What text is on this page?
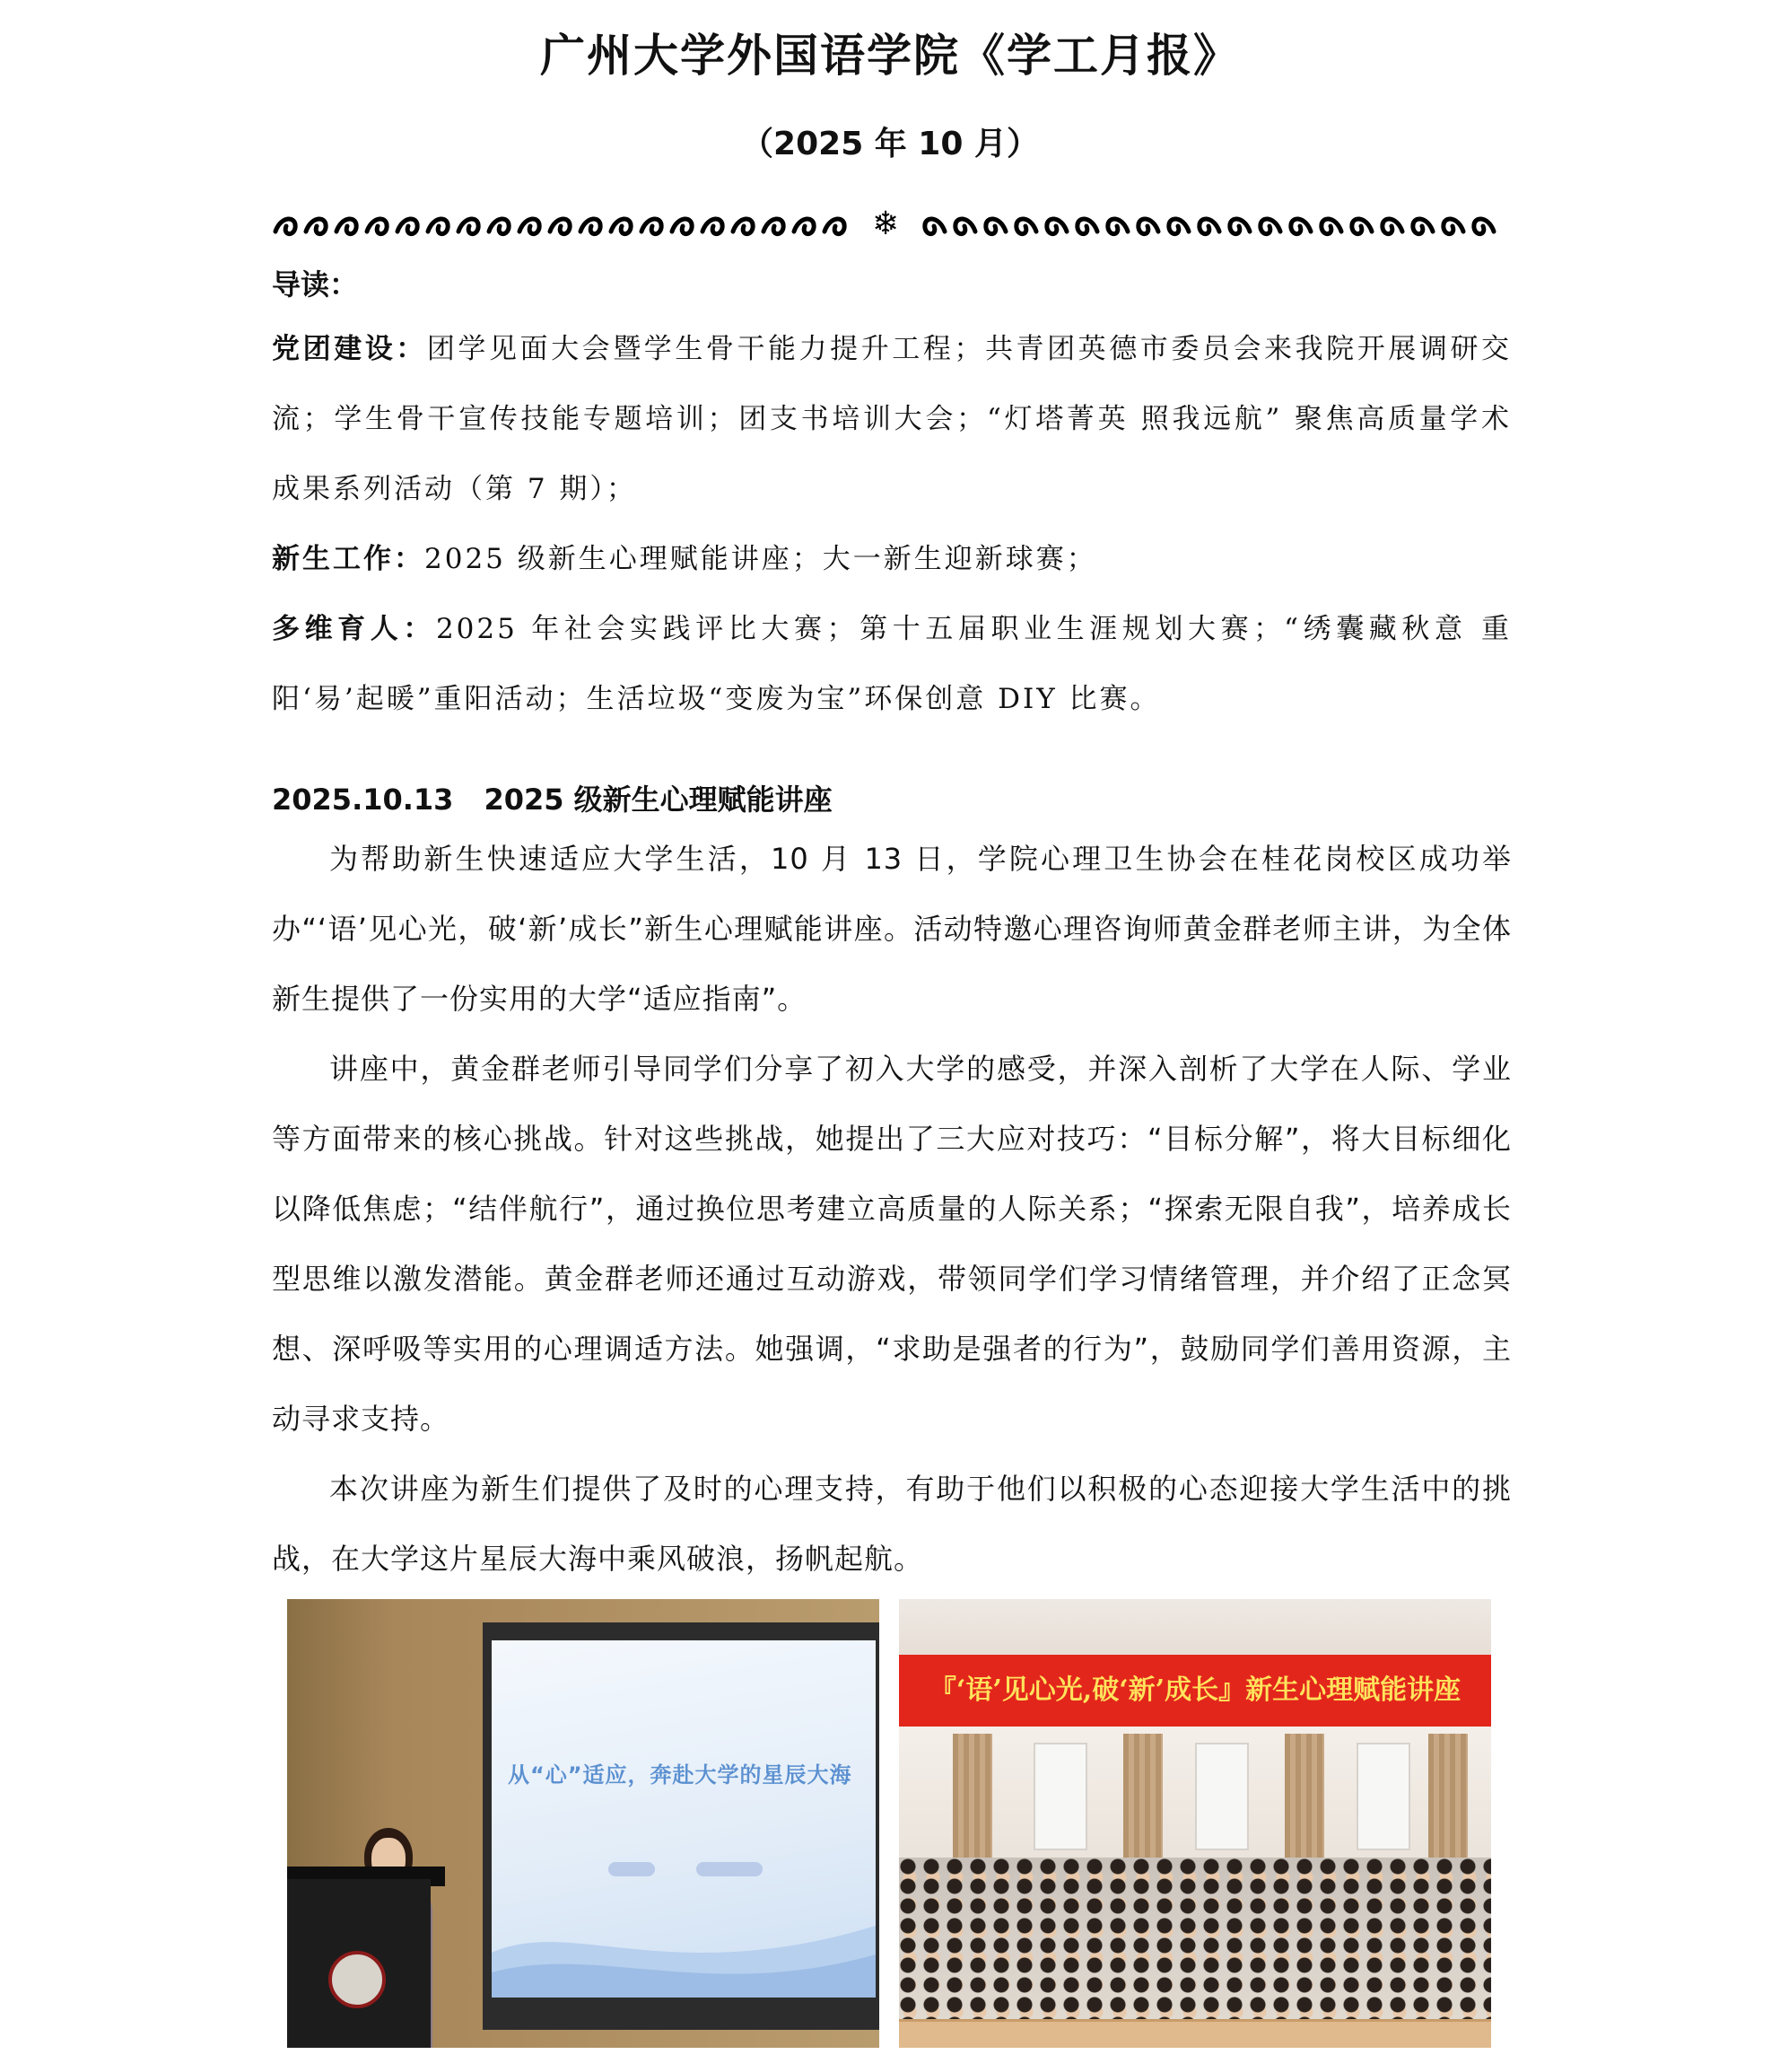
广州大学外国语学院《学工月报》
（2025 年 10 月）
❄
导读：

党团建设：团学见面大会暨学生骨干能力提升工程；共青团英德市委员会来我院开展调研交流；学生骨干宣传技能专题培训；团支书培训大会；“灯塔菁英 照我远航” 聚焦高质量学术成果系列活动（第 7 期）；

新生工作：2025 级新生心理赋能讲座；大一新生迎新球赛；

多维育人：2025 年社会实践评比大赛；第十五届职业生涯规划大赛；“绣囊藏秋意 重阳‘易’起暖”重阳活动；生活垃圾“变废为宝”环保创意 DIY 比赛。

2025.10.13 2025 级新生心理赋能讲座

为帮助新生快速适应大学生活，10 月 13 日，学院心理卫生协会在桂花岗校区成功举办“‘语’见心光，破‘新’成长”新生心理赋能讲座。活动特邀心理咨询师黄金群老师主讲，为全体新生提供了一份实用的大学“适应指南”。

讲座中，黄金群老师引导同学们分享了初入大学的感受，并深入剖析了大学在人际、学业等方面带来的核心挑战。针对这些挑战，她提出了三大应对技巧：“目标分解”，将大目标细化以降低焦虑；“结伴航行”，通过换位思考建立高质量的人际关系；“探索无限自我”，培养成长型思维以激发潜能。黄金群老师还通过互动游戏，带领同学们学习情绪管理，并介绍了正念冥想、深呼吸等实用的心理调适方法。她强调，“求助是强者的行为”，鼓励同学们善用资源，主动寻求支持。

本次讲座为新生们提供了及时的心理支持，有助于他们以积极的心态迎接大学生活中的挑战，在大学这片星辰大海中乘风破浪，扬帆起航。

从“心”适应，奔赴大学的星辰大海
『‘语’见心光,破‘新’成长』新生心理赋能讲座
